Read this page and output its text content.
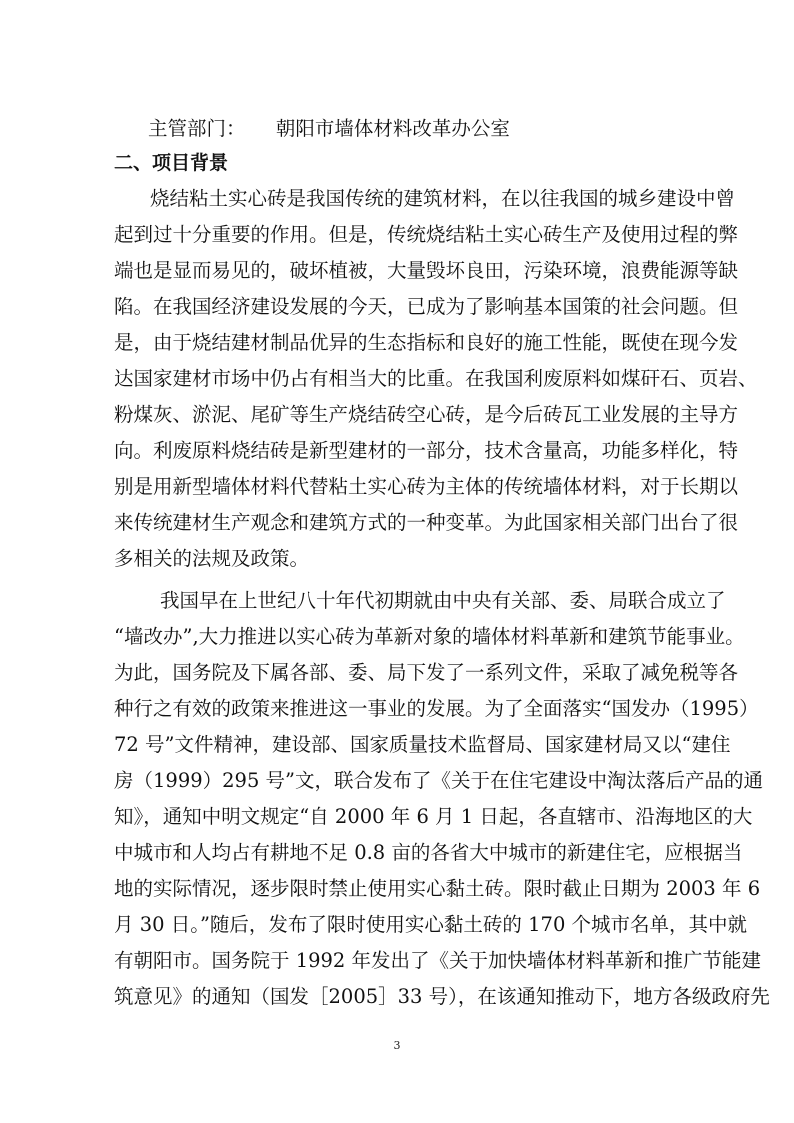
主管部门： 朝阳市墙体材料改革办公室
二、项目背景
烧结粘土实心砖是我国传统的建筑材料，在以往我国的城乡建设中曾
起到过十分重要的作用。但是，传统烧结粘土实心砖生产及使用过程的弊
端也是显而易见的，破坏植被，大量毁坏良田，污染环境，浪费能源等缺
陷。在我国经济建设发展的今天，已成为了影响基本国策的社会问题。但
是，由于烧结建材制品优异的生态指标和良好的施工性能，既使在现今发
达国家建材市场中仍占有相当大的比重。在我国利废原料如煤矸石、页岩、
粉煤灰、淤泥、尾矿等生产烧结砖空心砖，是今后砖瓦工业发展的主导方
向。利废原料烧结砖是新型建材的一部分，技术含量高，功能多样化，特
别是用新型墙体材料代替粘土实心砖为主体的传统墙体材料，对于长期以
来传统建材生产观念和建筑方式的一种变革。为此国家相关部门出台了很
多相关的法规及政策。
我国早在上世纪八十年代初期就由中央有关部、委、局联合成立了
“墙改办”,大力推进以实心砖为革新对象的墙体材料革新和建筑节能事业。
为此，国务院及下属各部、委、局下发了一系列文件，采取了减免税等各
种行之有效的政策来推进这一事业的发展。为了全面落实“国发办（1995）
72 号”文件精神，建设部、国家质量技术监督局、国家建材局又以“建住
房（1999）295 号”文，联合发布了《关于在住宅建设中淘汰落后产品的通
知》，通知中明文规定“自 2000 年 6 月 1 日起，各直辖市、沿海地区的大
中城市和人均占有耕地不足 0.8 亩的各省大中城市的新建住宅，应根据当
地的实际情况，逐步限时禁止使用实心黏土砖。限时截止日期为 2003 年 6
月 30 日。”随后，发布了限时使用实心黏土砖的 170 个城市名单，其中就
有朝阳市。国务院于 1992 年发出了《关于加快墙体材料革新和推广节能建
筑意见》的通知（国发［2005］33 号），在该通知推动下，地方各级政府先
3
